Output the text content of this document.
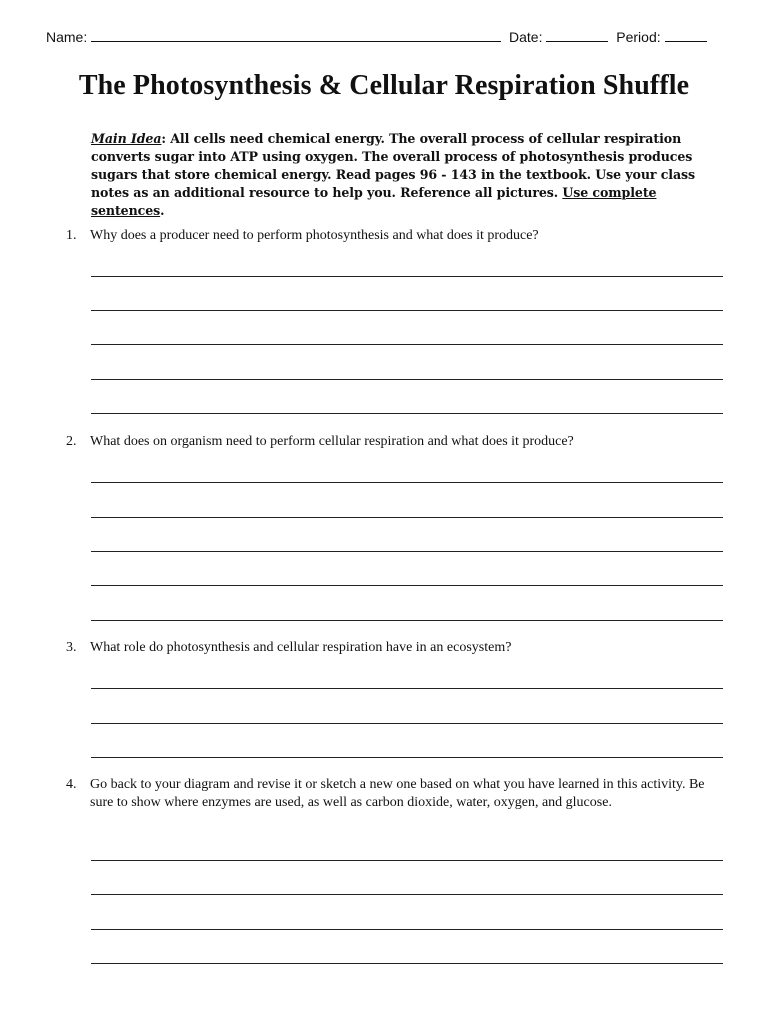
Name:	Date:	Period:
The Photosynthesis & Cellular Respiration Shuffle
Main Idea: All cells need chemical energy. The overall process of cellular respiration converts sugar into ATP using oxygen. The overall process of photosynthesis produces sugars that store chemical energy. Read pages 96 - 143 in the textbook. Use your class notes as an additional resource to help you. Reference all pictures. Use complete sentences.
1. Why does a producer need to perform photosynthesis and what does it produce?
2. What does on organism need to perform cellular respiration and what does it produce?
3. What role do photosynthesis and cellular respiration have in an ecosystem?
4. Go back to your diagram and revise it or sketch a new one based on what you have learned in this activity. Be sure to show where enzymes are used, as well as carbon dioxide, water, oxygen, and glucose.
